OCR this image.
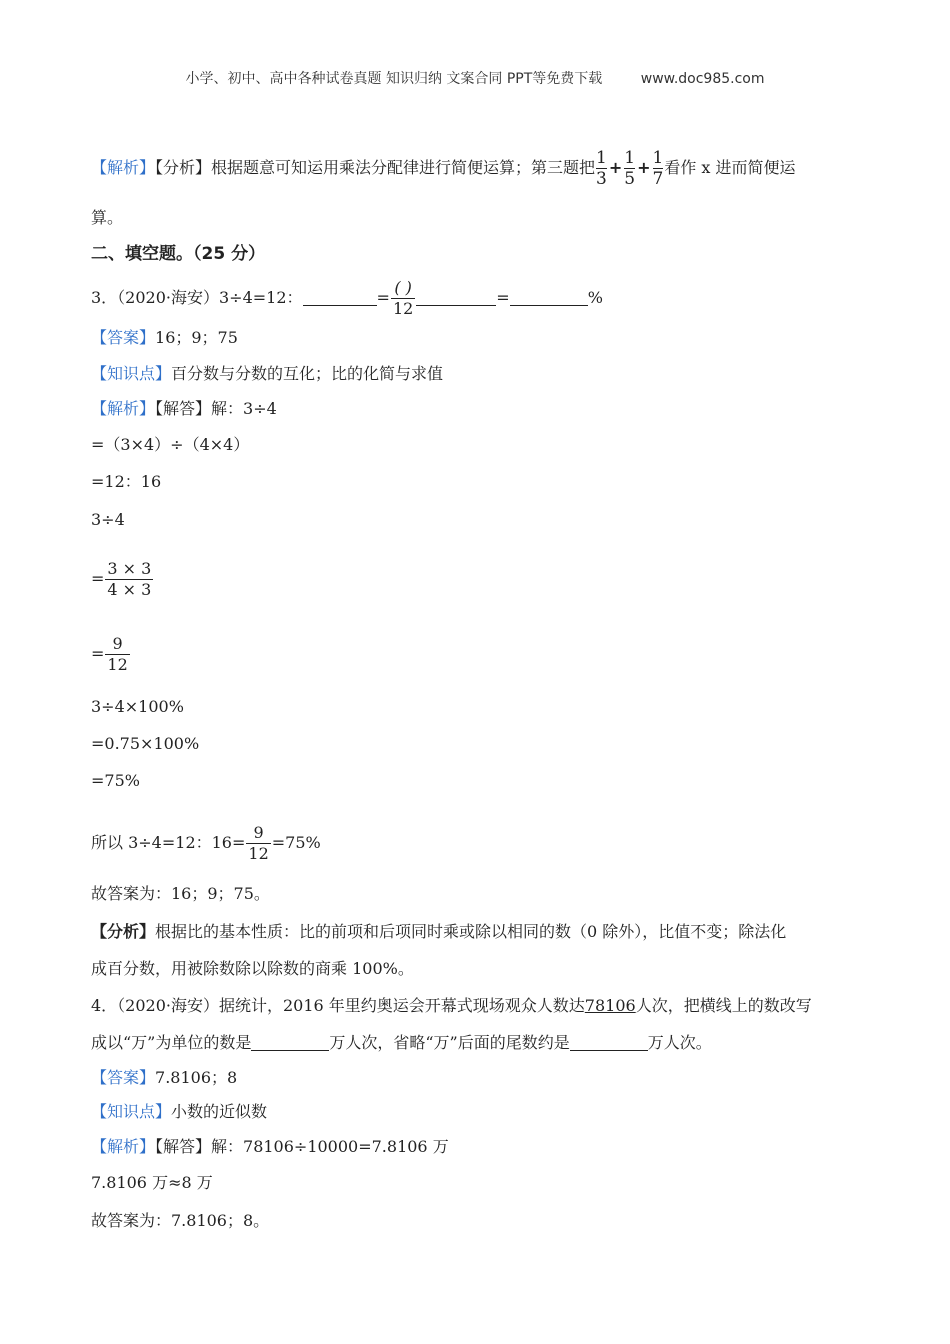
小学、初中、高中各种试卷真题 知识归纳 文案合同 PPT等免费下载	www.doc985.com
【解析】【分析】根据题意可知运用乘法分配律进行简便运算；第三题把 $\frac{1}{3} + \frac{1}{5} + \frac{1}{7}$ 看作 x 进而简便运
算。
二、填空题。（25 分）
3．（2020·海安）3÷4=12：	= $\frac{( )}{12}$	=	%
【答案】16；9；75
【知识点】百分数与分数的互化；比的化简与求值
【解析】【解答】解：3÷4
=（3×4）÷（4×4）
=12：16
3÷4
= $\frac{3 \times 3}{4 \times 3}$
= $\frac{9}{12}$
3÷4×100%
=0.75×100%
=75%
所以 3÷4=12：$16= \frac{9}{12} =75\%$
故答案为：16；9；75。
【分析】根据比的基本性质：比的前项和后项同时乘或除以相同的数（0 除外），比值不变；除法化
成百分数，用被除数除以除数的商乘 100%。
4．（2020·海安）据统计，2016 年里约奥运会开幕式现场观众人数达78106人次，把横线上的数改写
成以“万”为单位的数是	万人次，省略“万”后面的尾数约是	万人次。
【答案】7.8106；8
【知识点】小数的近似数
【解析】【解答】解：78106÷10000=7.8106 万
7.8106 万≈8 万
故答案为：7.8106；8。
